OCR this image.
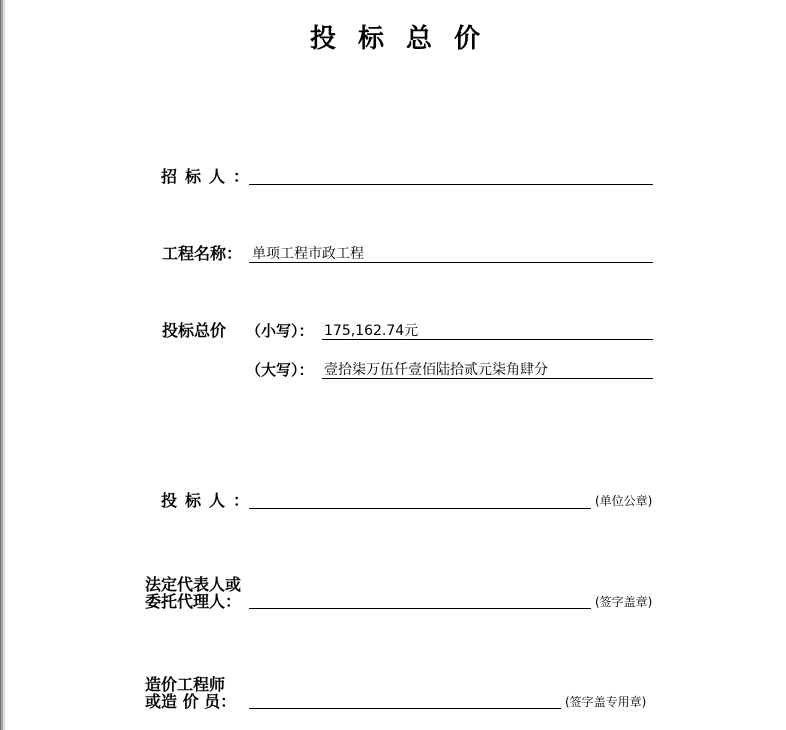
投标总价
招标人：
工程名称： 单项工程市政工程
投标总价 （小写）： 175,162.74元
（大写）： 壹拾柒万伍仟壹佰陆拾贰元柒角肆分
投标人：	(单位公章)
法定代表人或
委托代理人：	(签字盖章)
造价工程师
或造 价 员：	(签字盖专用章)
